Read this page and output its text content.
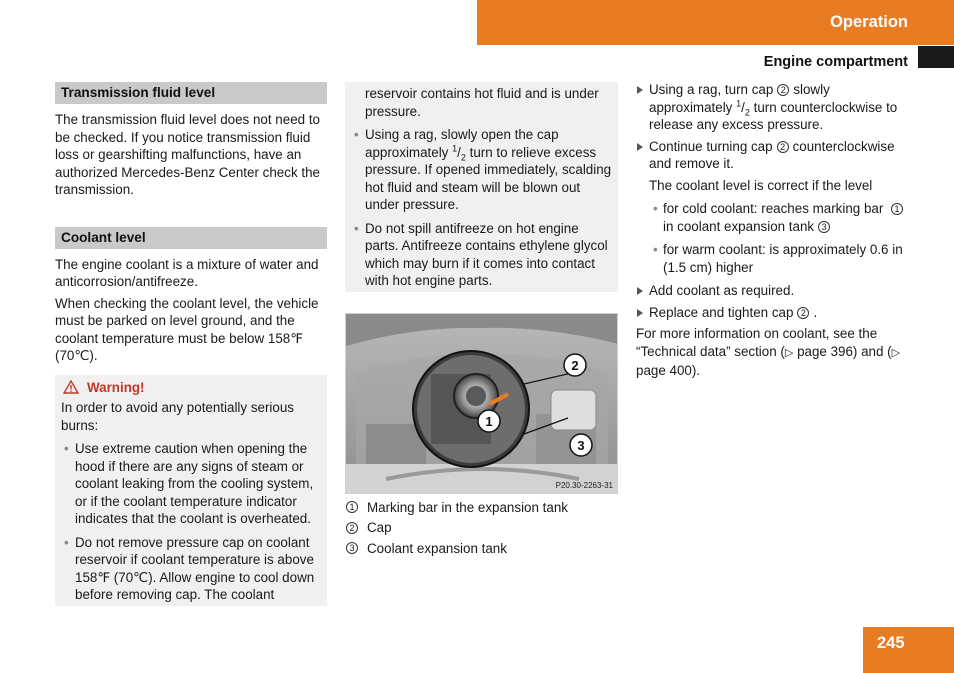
Operation
Engine compartment
Transmission fluid level

The transmission fluid level does not need to be checked. If you notice transmission fluid loss or gearshifting malfunctions, have an authorized Mercedes-Benz Center check the transmission.

Coolant level

The engine coolant is a mixture of water and anticorrosion/antifreeze.

When checking the coolant level, the vehicle must be parked on level ground, and the coolant temperature must be below 158℉ (70℃).

Warning!

In order to avoid any potentially serious burns:

• Use extreme caution when opening the hood if there are any signs of steam or coolant leaking from the cooling system, or if the coolant temperature indicator indicates that the coolant is overheated.
• Do not remove pressure cap on coolant reservoir if coolant temperature is above 158℉ (70℃). Allow engine to cool down before removing cap. The coolant

reservoir contains hot fluid and is under pressure.

• Using a rag, slowly open the cap approximately $^1/_2$ turn to relieve excess pressure. If opened immediately, scalding hot fluid and steam will be blown out under pressure.
• Do not spill antifreeze on hot engine parts. Antifreeze contains ethylene glycol which may burn if it comes into contact with hot engine parts.
1
2
3
P20.30-2263-31
1 Marking bar in the expansion tank
2 Cap
3 Coolant expansion tank
Using a rag, turn cap 2 slowly approximately $^1/_2$ turn counterclockwise to release any excess pressure.
Continue turning cap 2 counterclockwise and remove it.

The coolant level is correct if the level

• for cold coolant: reaches marking bar 1in coolant expansion tank 3
• for warm coolant: is approximately 0.6 in (1.5 cm) higher
Add coolant as required.
Replace and tighten cap 2 .

For more information on coolant, see the “Technical data” section (▷ page 396) and (▷ page 400).

245
